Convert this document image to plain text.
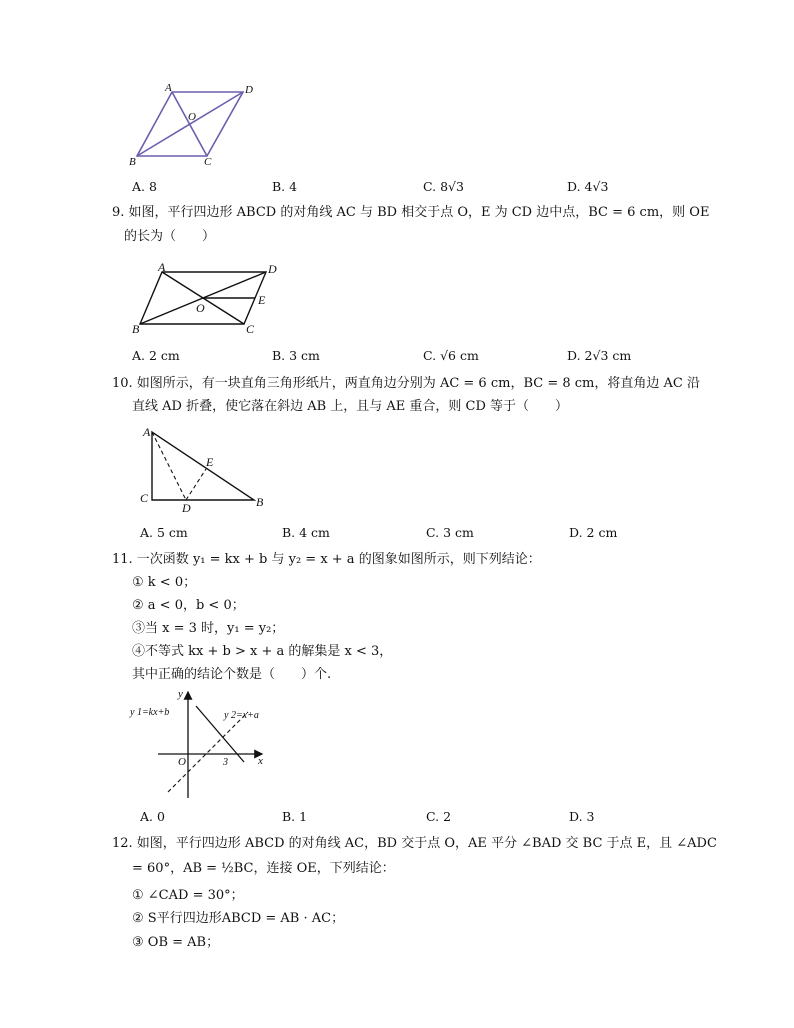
A	D
B	C
O
A. 8	B. 4	C. 8√3	D. 4√3
9. 如图，平行四边形 ABCD 的对角线 AC 与 BD 相交于点 O，E 为 CD 边中点，BC = 6 cm，则 OE
的长为（　　）
A	D
B	C
E
O
A. 2 cm	B. 3 cm	C. √6 cm	D. 2√3 cm
10. 如图所示，有一块直角三角形纸片，两直角边分别为 AC = 6 cm，BC = 8 cm，将直角边 AC 沿
直线 AD 折叠，使它落在斜边 AB 上，且与 AE 重合，则 CD 等于（　　）
A
C
D
E
B
A. 5 cm	B. 4 cm	C. 3 cm	D. 2 cm
11. 一次函数 y₁ = kx + b 与 y₂ = x + a 的图象如图所示，则下列结论：
① k < 0；
② a < 0，b < 0；
③当 x = 3 时，y₁ = y₂；
④不等式 kx + b > x + a 的解集是 x < 3，
其中正确的结论个数是（　　）个.
y 1=kx+b	y 2=x+a
y
x
O	3
A. 0	B. 1	C. 2	D. 3
12. 如图，平行四边形 ABCD 的对角线 AC，BD 交于点 O，AE 平分 ∠BAD 交 BC 于点 E，且 ∠ADC
= 60°，AB = ½BC，连接 OE，下列结论：
① ∠CAD = 30°；
② S平行四边形ABCD = AB · AC；
③ OB = AB；
